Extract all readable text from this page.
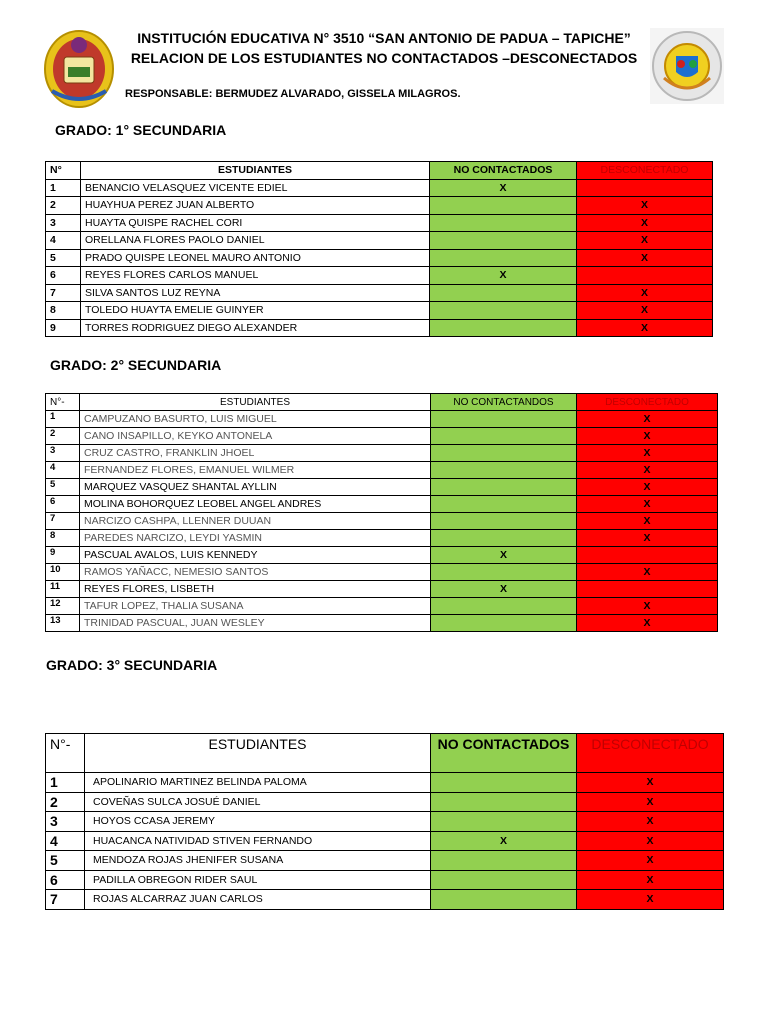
INSTITUCIÓN EDUCATIVA N° 3510 “SAN ANTONIO DE PADUA – TAPICHE”
RELACION DE LOS ESTUDIANTES NO CONTACTADOS –DESCONECTADOS
RESPONSABLE: BERMUDEZ ALVARADO, GISSELA MILAGROS.
GRADO: 1° SECUNDARIA
N°	ESTUDIANTES	NO CONTACTADOS	DESCONECTADO
1	BENANCIO VELASQUEZ VICENTE EDIEL	X	
2	HUAYHUA PEREZ JUAN ALBERTO		X
3	HUAYTA QUISPE RACHEL CORI		X
4	ORELLANA FLORES PAOLO DANIEL		X
5	PRADO QUISPE LEONEL MAURO ANTONIO		X
6	REYES FLORES CARLOS MANUEL	X	
7	SILVA SANTOS LUZ REYNA		X
8	TOLEDO HUAYTA EMELIE GUINYER		X
9	TORRES RODRIGUEZ DIEGO ALEXANDER		X
GRADO: 2° SECUNDARIA
N°-	ESTUDIANTES	NO CONTACTANDOS	DESCONECTADO
1	CAMPUZANO BASURTO, LUIS MIGUEL		X
2	CANO INSAPILLO, KEYKO ANTONELA		X
3	CRUZ CASTRO, FRANKLIN JHOEL		X
4	FERNANDEZ FLORES, EMANUEL WILMER		X
5	MARQUEZ VASQUEZ SHANTAL AYLLIN		X
6	MOLINA BOHORQUEZ LEOBEL ANGEL ANDRES		X
7	NARCIZO CASHPA, LLENNER DUUAN		X
8	PAREDES NARCIZO, LEYDI YASMIN		X
9	PASCUAL AVALOS, LUIS KENNEDY	X	
10	RAMOS YAÑACC, NEMESIO SANTOS		X
11	REYES FLORES, LISBETH	X	
12	TAFUR LOPEZ, THALIA SUSANA		X
13	TRINIDAD PASCUAL, JUAN WESLEY		X
GRADO: 3° SECUNDARIA
N°-	ESTUDIANTES	NO CONTACTADOS	DESCONECTADO
1	APOLINARIO MARTINEZ BELINDA PALOMA		X
2	COVEÑAS SULCA JOSUÉ DANIEL		X
3	HOYOS CCASA JEREMY		X
4	HUACANCA NATIVIDAD STIVEN FERNANDO	X	X
5	MENDOZA ROJAS JHENIFER SUSANA		X
6	PADILLA OBREGON RIDER SAUL		X
7	ROJAS ALCARRAZ JUAN CARLOS		X
